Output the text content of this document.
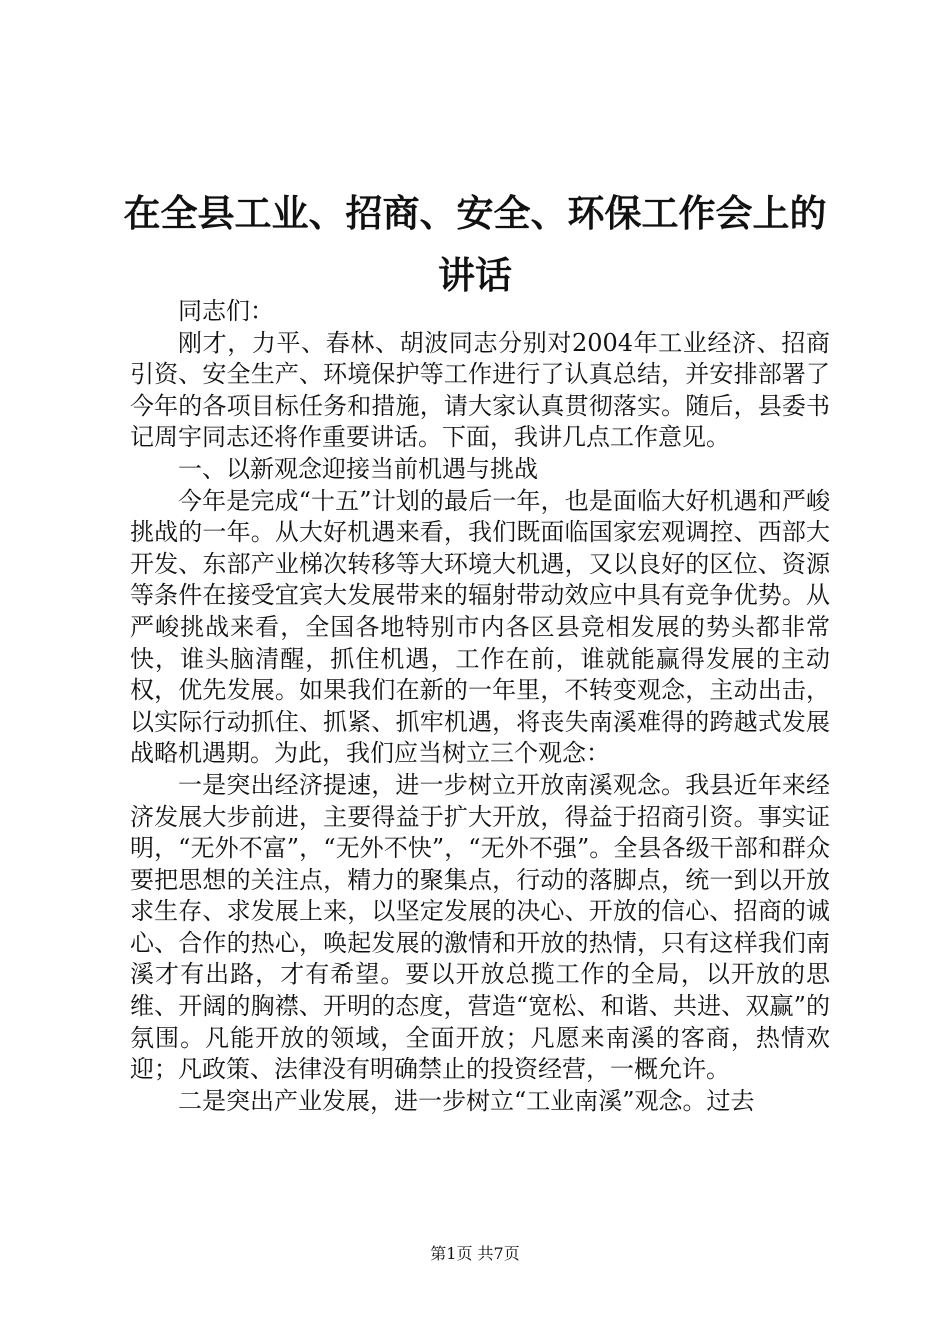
在全县工业、招商、安全、环保工作会上的讲话

同志们：

刚才，力平、春林、胡波同志分别对2004年工业经济、招商引资、安全生产、环境保护等工作进行了认真总结，并安排部署了今年的各项目标任务和措施，请大家认真贯彻落实。随后，县委书记周宇同志还将作重要讲话。下面，我讲几点工作意见。

一、以新观念迎接当前机遇与挑战

今年是完成“十五”计划的最后一年，也是面临大好机遇和严峻挑战的一年。从大好机遇来看，我们既面临国家宏观调控、西部大开发、东部产业梯次转移等大环境大机遇，又以良好的区位、资源等条件在接受宜宾大发展带来的辐射带动效应中具有竞争优势。从严峻挑战来看，全国各地特别市内各区县竞相发展的势头都非常快，谁头脑清醒，抓住机遇，工作在前，谁就能赢得发展的主动权，优先发展。如果我们在新的一年里，不转变观念，主动出击，以实际行动抓住、抓紧、抓牢机遇，将丧失南溪难得的跨越式发展战略机遇期。为此，我们应当树立三个观念：

一是突出经济提速，进一步树立开放南溪观念。我县近年来经济发展大步前进，主要得益于扩大开放，得益于招商引资。事实证明，“无外不富”，“无外不快”，“无外不强”。全县各级干部和群众要把思想的关注点，精力的聚集点，行动的落脚点，统一到以开放求生存、求发展上来，以坚定发展的决心、开放的信心、招商的诚心、合作的热心，唤起发展的激情和开放的热情，只有这样我们南溪才有出路，才有希望。要以开放总揽工作的全局，以开放的思维、开阔的胸襟、开明的态度，营造“宽松、和谐、共进、双赢”的氛围。凡能开放的领域，全面开放；凡愿来南溪的客商，热情欢迎；凡政策、法律没有明确禁止的投资经营，一概允许。

二是突出产业发展，进一步树立“工业南溪”观念。过去

第1页 共7页
